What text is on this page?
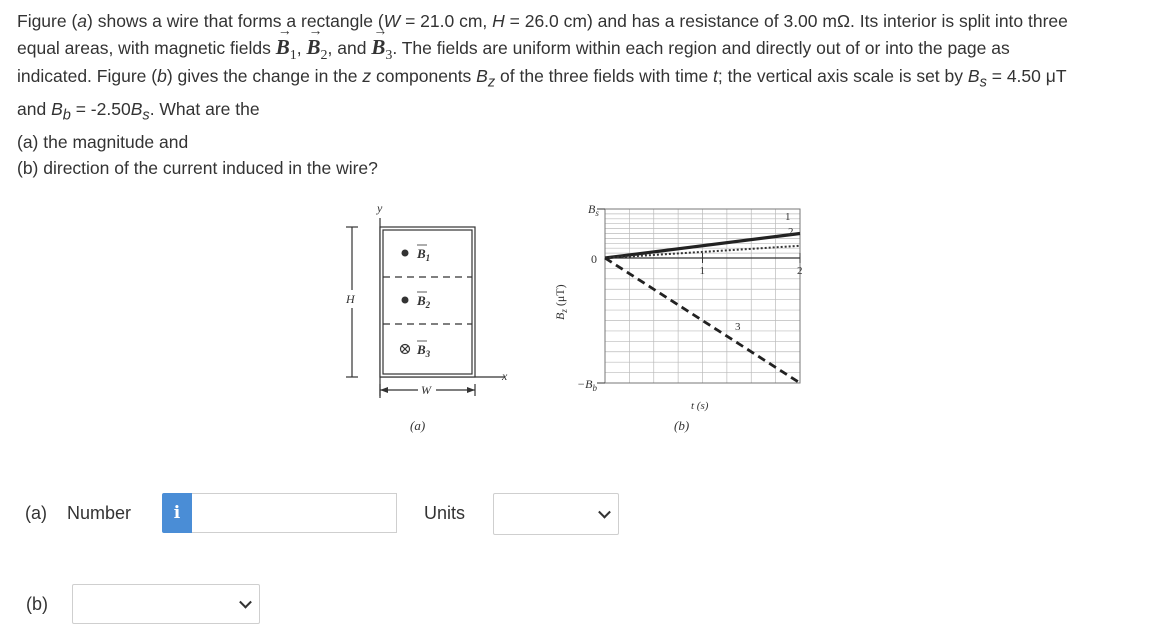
Figure (a) shows a wire that forms a rectangle (W = 21.0 cm, H = 26.0 cm) and has a resistance of 3.00 mΩ. Its interior is split into three

equal areas, with magnetic fields → $B_1$, → $B_2$, and → $B_3$. The fields are uniform within each region and directly out of or into the page as

indicated. Figure (b) gives the change in the z components $B_z$ of the three fields with time t; the vertical axis scale is set by $B_s = 4.50$ μT

and $B_b = -2.50B_s$. What are the

(a) the magnitude and

(b) direction of the current induced in the wire?

y
x
$B_1$
$B_2$
$B_3$
H
W
(a)
$B_z$ (μT)
1
2
3
1	2
$B_s$
0
$-B_b$
t (s)
(b)
(a)	Number	i	Units
(b)
